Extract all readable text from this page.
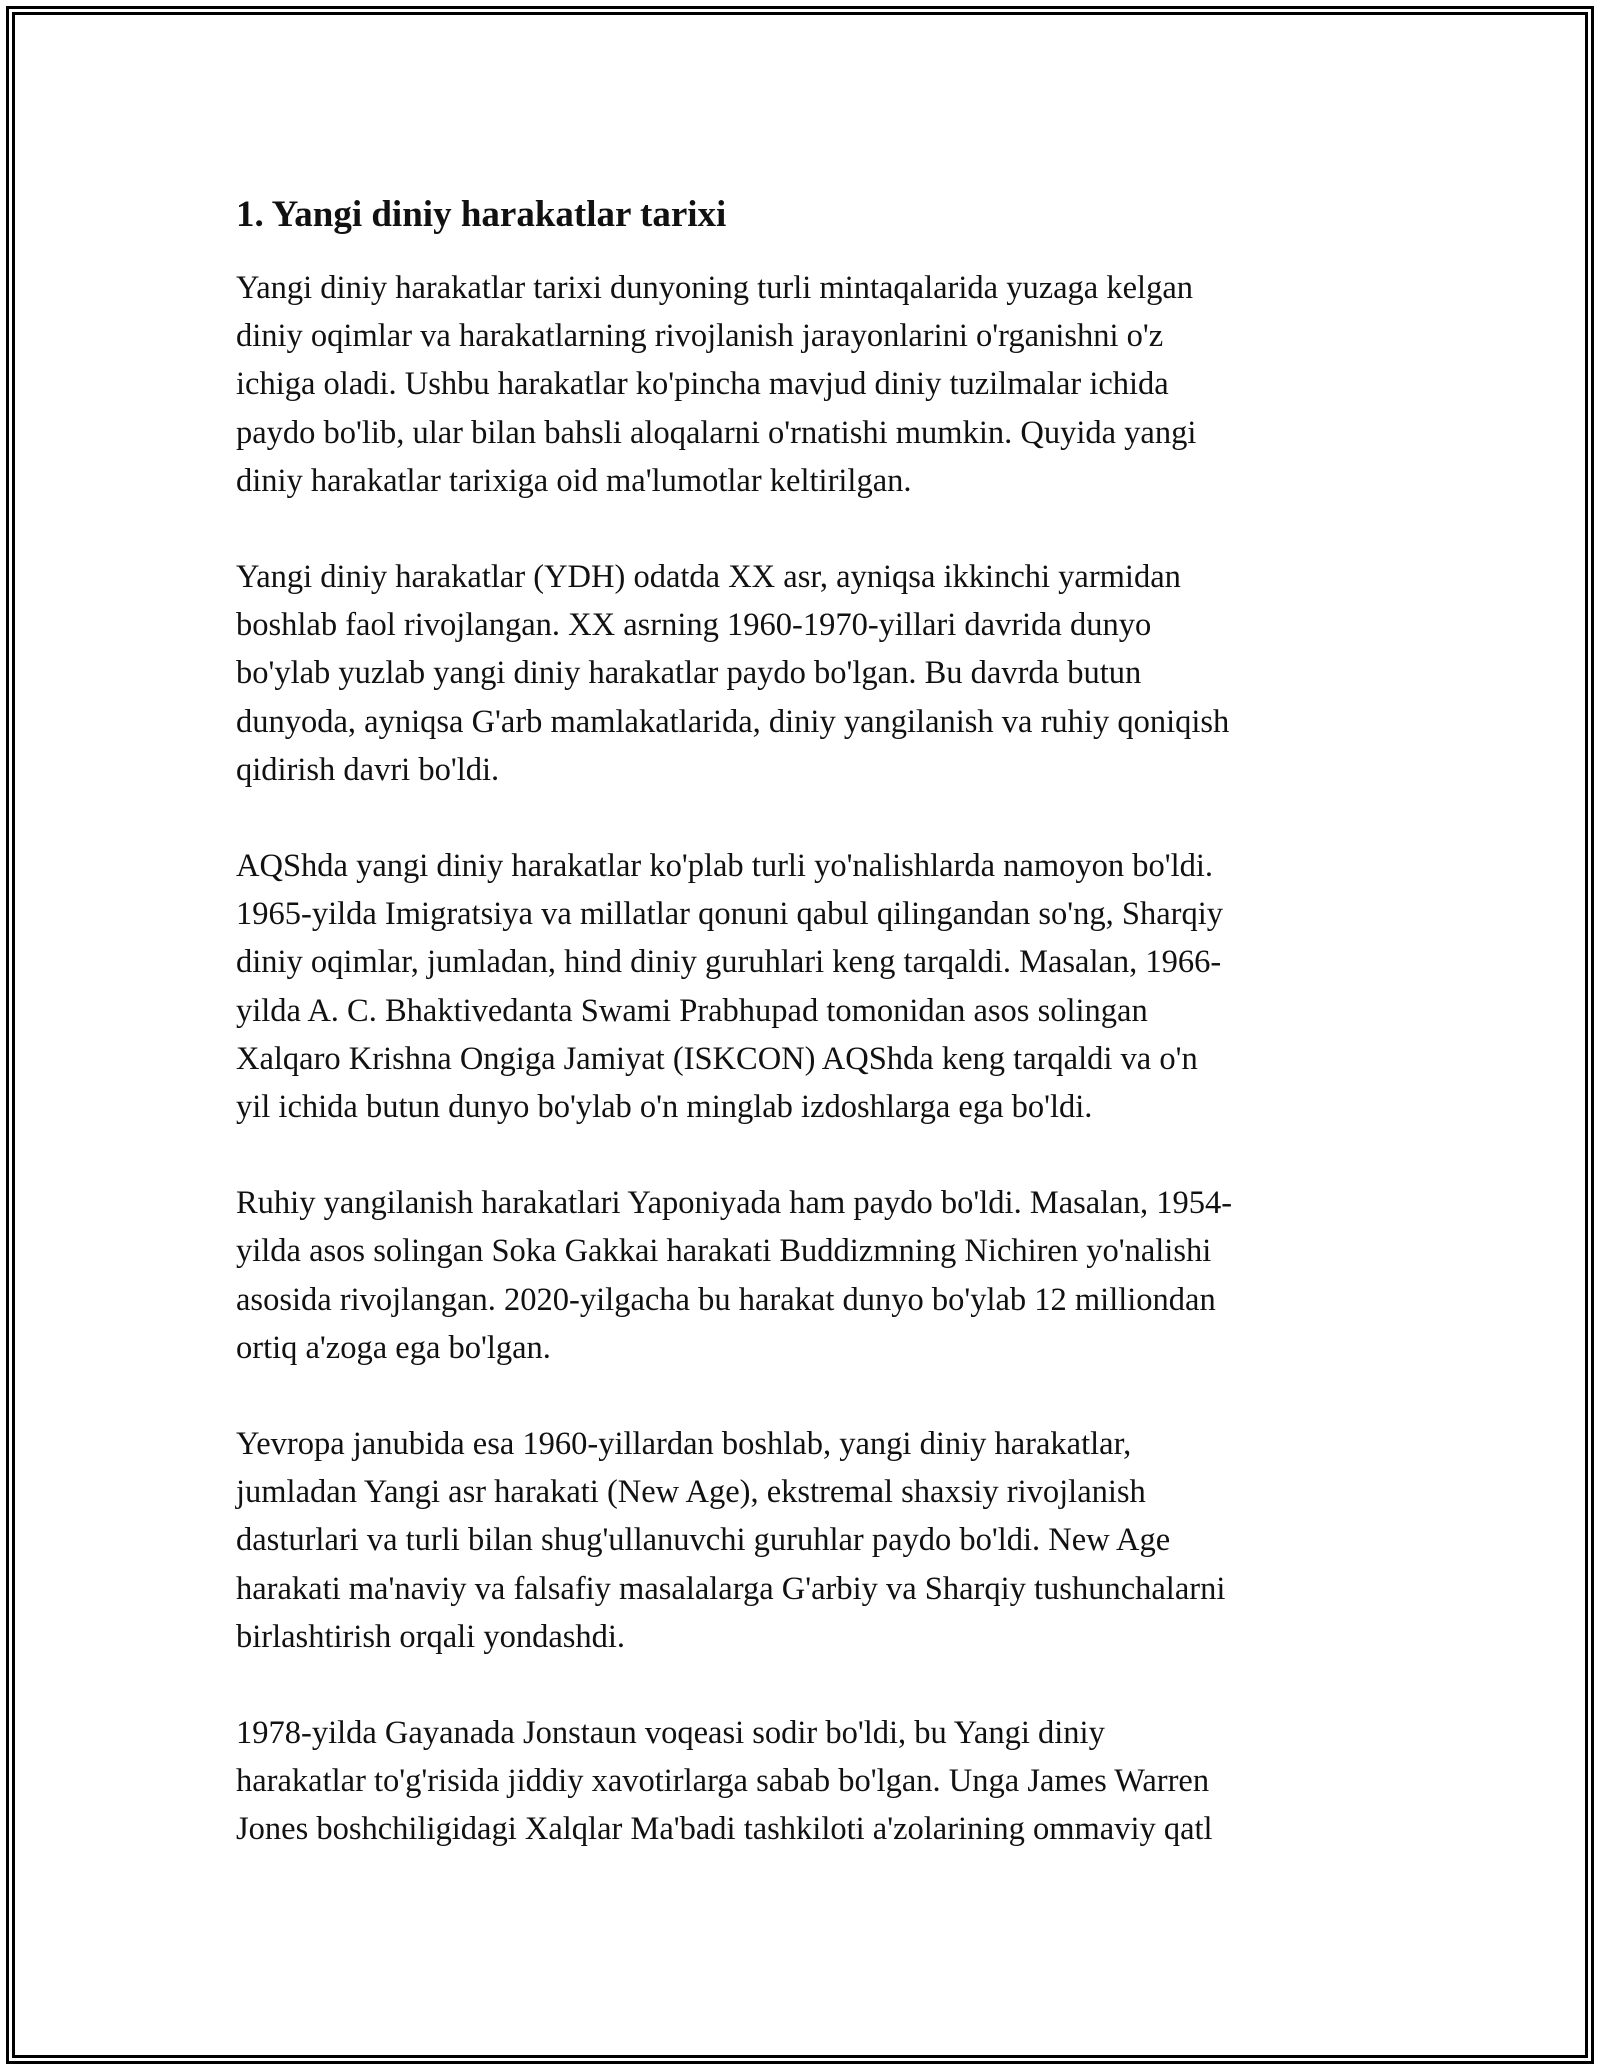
1. Yangi diniy harakatlar tarixi

Yangi diniy harakatlar tarixi dunyoning turli mintaqalarida yuzaga kelgan
diniy oqimlar va harakatlarning rivojlanish jarayonlarini o'rganishni o'z
ichiga oladi. Ushbu harakatlar ko'pincha mavjud diniy tuzilmalar ichida
paydo bo'lib, ular bilan bahsli aloqalarni o'rnatishi mumkin. Quyida yangi
diniy harakatlar tarixiga oid ma'lumotlar keltirilgan.

Yangi diniy harakatlar (YDH) odatda XX asr, ayniqsa ikkinchi yarmidan
boshlab faol rivojlangan. XX asrning 1960-1970-yillari davrida dunyo
bo'ylab yuzlab yangi diniy harakatlar paydo bo'lgan. Bu davrda butun
dunyoda, ayniqsa G'arb mamlakatlarida, diniy yangilanish va ruhiy qoniqish
qidirish davri bo'ldi.

AQShda yangi diniy harakatlar ko'plab turli yo'nalishlarda namoyon bo'ldi.
1965-yilda Imigratsiya va millatlar qonuni qabul qilingandan so'ng, Sharqiy
diniy oqimlar, jumladan, hind diniy guruhlari keng tarqaldi. Masalan, 1966-
yilda A. C. Bhaktivedanta Swami Prabhupad tomonidan asos solingan
Xalqaro Krishna Ongiga Jamiyat (ISKCON) AQShda keng tarqaldi va o'n
yil ichida butun dunyo bo'ylab o'n minglab izdoshlarga ega bo'ldi.

Ruhiy yangilanish harakatlari Yaponiyada ham paydo bo'ldi. Masalan, 1954-
yilda asos solingan Soka Gakkai harakati Buddizmning Nichiren yo'nalishi
asosida rivojlangan. 2020-yilgacha bu harakat dunyo bo'ylab 12 milliondan
ortiq a'zoga ega bo'lgan.

Yevropa janubida esa 1960-yillardan boshlab, yangi diniy harakatlar,
jumladan Yangi asr harakati (New Age), ekstremal shaxsiy rivojlanish
dasturlari va turli bilan shug'ullanuvchi guruhlar paydo bo'ldi. New Age
harakati ma'naviy va falsafiy masalalarga G'arbiy va Sharqiy tushunchalarni
birlashtirish orqali yondashdi.

1978-yilda Gayanada Jonstaun voqeasi sodir bo'ldi, bu Yangi diniy
harakatlar to'g'risida jiddiy xavotirlarga sabab bo'lgan. Unga James Warren
Jones boshchiligidagi Xalqlar Ma'badi tashkiloti a'zolarining ommaviy qatl
